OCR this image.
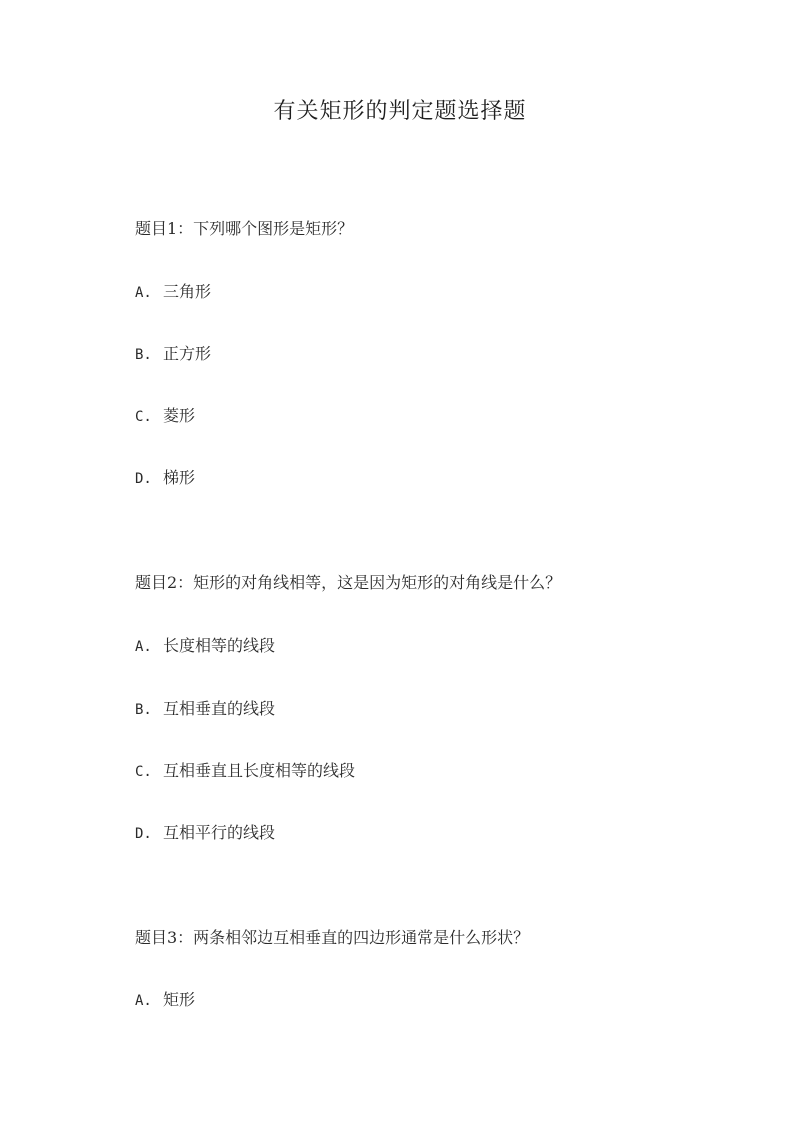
有关矩形的判定题选择题
题目1：下列哪个图形是矩形？
A. 三角形
B. 正方形
C. 菱形
D. 梯形
题目2：矩形的对角线相等，这是因为矩形的对角线是什么？
A. 长度相等的线段
B. 互相垂直的线段
C. 互相垂直且长度相等的线段
D. 互相平行的线段
题目3：两条相邻边互相垂直的四边形通常是什么形状？
A. 矩形
